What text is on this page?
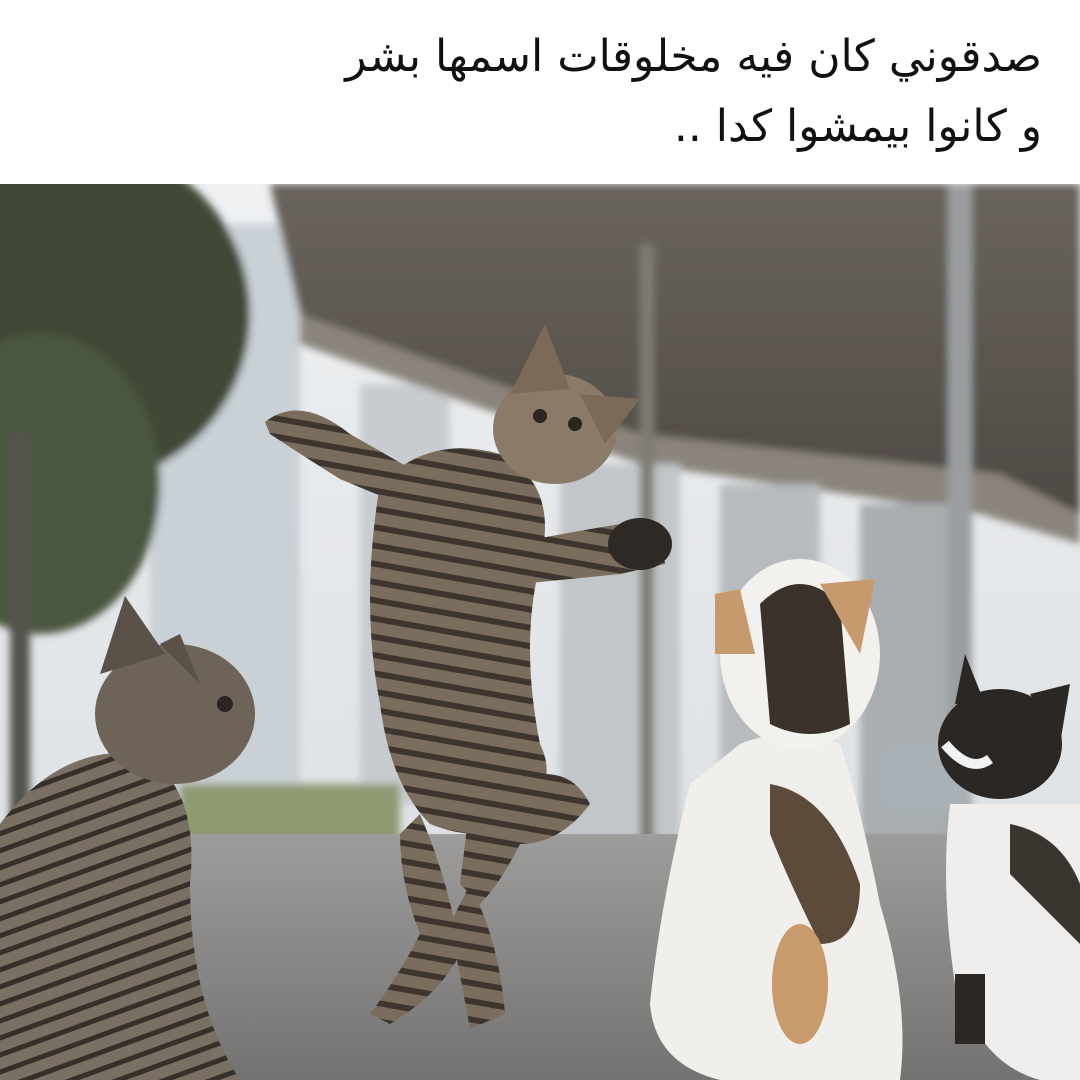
صدقوني كان فيه مخلوقات اسمها بشر
و كانوا بيمشوا كدا ..
